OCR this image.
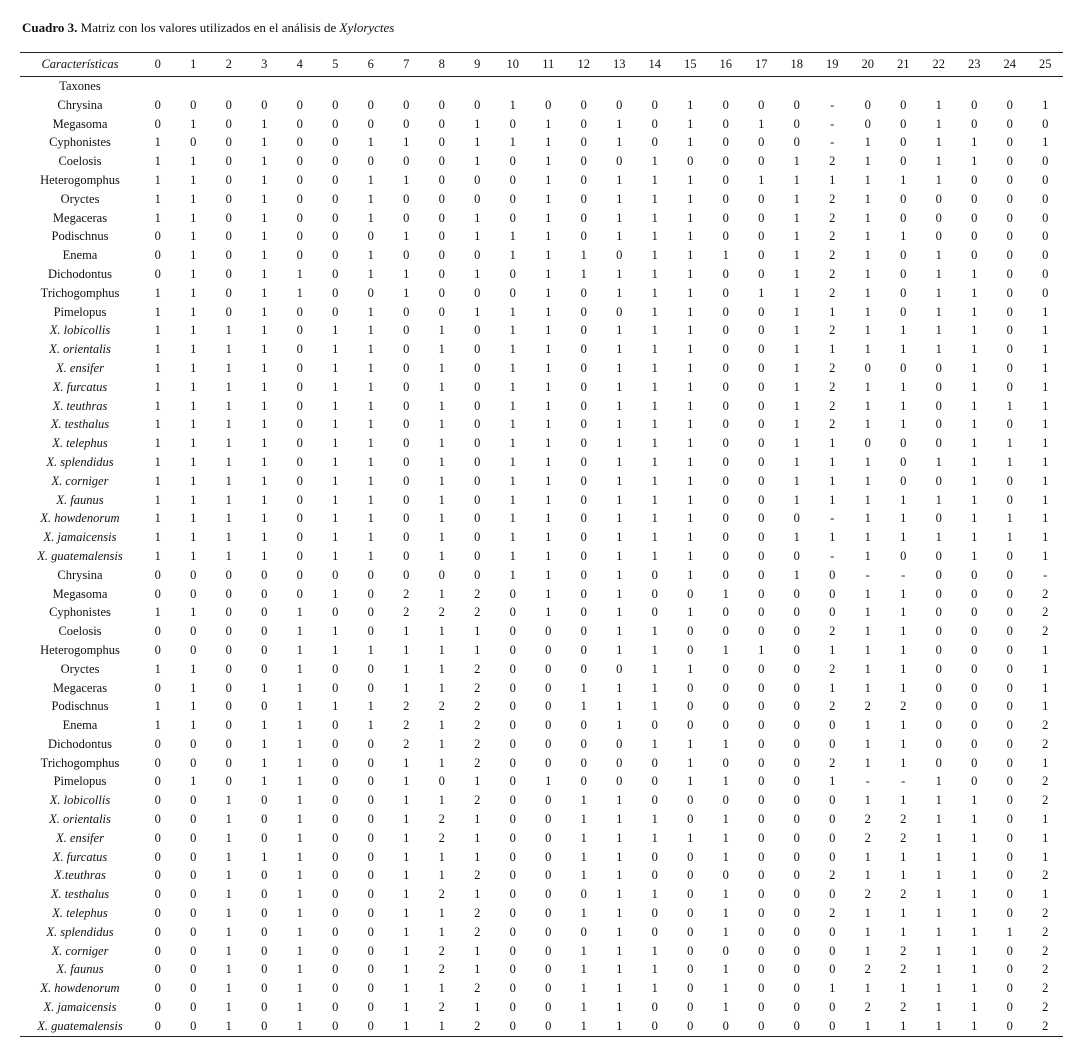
Cuadro 3. Matriz con los valores utilizados en el análisis de Xyloryctes
Características	0	1	2	3	4	5	6	7	8	9	10	11	12	13	14	15	16	17	18	19	20	21	22	23	24	25
Taxones																										
Chrysina	0	0	0	0	0	0	0	0	0	0	1	0	0	0	0	1	0	0	0	-	0	0	1	0	0	1
Megasoma	0	1	0	1	0	0	0	0	0	1	0	1	0	1	0	1	0	1	0	-	0	0	1	0	0	0
Cyphonistes	1	0	0	1	0	0	1	1	0	1	1	1	0	1	0	1	0	0	0	-	1	0	1	1	0	1
Coelosis	1	1	0	1	0	0	0	0	0	1	0	1	0	0	1	0	0	0	1	2	1	0	1	1	0	0
Heterogomphus	1	1	0	1	0	0	1	1	0	0	0	1	0	1	1	1	0	1	1	1	1	1	1	0	0	0
Oryctes	1	1	0	1	0	0	1	0	0	0	0	1	0	1	1	1	0	0	1	2	1	0	0	0	0	0
Megaceras	1	1	0	1	0	0	1	0	0	1	0	1	0	1	1	1	0	0	1	2	1	0	0	0	0	0
Podischnus	0	1	0	1	0	0	0	1	0	1	1	1	0	1	1	1	0	0	1	2	1	1	0	0	0	0
Enema	0	1	0	1	0	0	1	0	0	0	1	1	1	0	1	1	1	0	1	2	1	0	1	0	0	0
Dichodontus	0	1	0	1	1	0	1	1	0	1	0	1	1	1	1	1	0	0	1	2	1	0	1	1	0	0
Trichogomphus	1	1	0	1	1	0	0	1	0	0	0	1	0	1	1	1	0	1	1	2	1	0	1	1	0	0
Pimelopus	1	1	0	1	0	0	1	0	0	1	1	1	0	0	1	1	0	0	1	1	1	0	1	1	0	1
X. lobicollis	1	1	1	1	0	1	1	0	1	0	1	1	0	1	1	1	0	0	1	2	1	1	1	1	0	1
X. orientalis	1	1	1	1	0	1	1	0	1	0	1	1	0	1	1	1	0	0	1	1	1	1	1	1	0	1
X. ensifer	1	1	1	1	0	1	1	0	1	0	1	1	0	1	1	1	0	0	1	2	0	0	0	1	0	1
X. furcatus	1	1	1	1	0	1	1	0	1	0	1	1	0	1	1	1	0	0	1	2	1	1	0	1	0	1
X. teuthras	1	1	1	1	0	1	1	0	1	0	1	1	0	1	1	1	0	0	1	2	1	1	0	1	1	1
X. testhalus	1	1	1	1	0	1	1	0	1	0	1	1	0	1	1	1	0	0	1	2	1	1	0	1	0	1
X. telephus	1	1	1	1	0	1	1	0	1	0	1	1	0	1	1	1	0	0	1	1	0	0	0	1	1	1
X. splendidus	1	1	1	1	0	1	1	0	1	0	1	1	0	1	1	1	0	0	1	1	1	0	1	1	1	1
X. corniger	1	1	1	1	0	1	1	0	1	0	1	1	0	1	1	1	0	0	1	1	1	0	0	1	0	1
X. faunus	1	1	1	1	0	1	1	0	1	0	1	1	0	1	1	1	0	0	1	1	1	1	1	1	0	1
X. howdenorum	1	1	1	1	0	1	1	0	1	0	1	1	0	1	1	1	0	0	0	-	1	1	0	1	1	1
X. jamaicensis	1	1	1	1	0	1	1	0	1	0	1	1	0	1	1	1	0	0	1	1	1	1	1	1	1	1
X. guatemalensis	1	1	1	1	0	1	1	0	1	0	1	1	0	1	1	1	0	0	0	-	1	0	0	1	0	1
Chrysina	0	0	0	0	0	0	0	0	0	0	1	1	0	1	0	1	0	0	1	0	-	-	0	0	0	-
Megasoma	0	0	0	0	0	1	0	2	1	2	0	1	0	1	0	0	1	0	0	0	1	1	0	0	0	2
Cyphonistes	1	1	0	0	1	0	0	2	2	2	0	1	0	1	0	1	0	0	0	0	1	1	0	0	0	2
Coelosis	0	0	0	0	1	1	0	1	1	1	0	0	0	1	1	0	0	0	0	2	1	1	0	0	0	2
Heterogomphus	0	0	0	0	1	1	1	1	1	1	0	0	0	1	1	0	1	1	0	1	1	1	0	0	0	1
Oryctes	1	1	0	0	1	0	0	1	1	2	0	0	0	0	1	1	0	0	0	2	1	1	0	0	0	1
Megaceras	0	1	0	1	1	0	0	1	1	2	0	0	1	1	1	0	0	0	0	1	1	1	0	0	0	1
Podischnus	1	1	0	0	1	1	1	2	2	2	0	0	1	1	1	0	0	0	0	2	2	2	0	0	0	1
Enema	1	1	0	1	1	0	1	2	1	2	0	0	0	1	0	0	0	0	0	0	1	1	0	0	0	2
Dichodontus	0	0	0	1	1	0	0	2	1	2	0	0	0	0	1	1	1	0	0	0	1	1	0	0	0	2
Trichogomphus	0	0	0	1	1	0	0	1	1	2	0	0	0	0	0	1	0	0	0	2	1	1	0	0	0	1
Pimelopus	0	1	0	1	1	0	0	1	0	1	0	1	0	0	0	1	1	0	0	1	-	-	1	0	0	2
X. lobicollis	0	0	1	0	1	0	0	1	1	2	0	0	1	1	0	0	0	0	0	0	1	1	1	1	0	2
X. orientalis	0	0	1	0	1	0	0	1	2	1	0	0	1	1	1	0	1	0	0	0	2	2	1	1	0	1
X. ensifer	0	0	1	0	1	0	0	1	2	1	0	0	1	1	1	1	1	0	0	0	2	2	1	1	0	1
X. furcatus	0	0	1	1	1	0	0	1	1	1	0	0	1	1	0	0	1	0	0	0	1	1	1	1	0	1
X.teuthras	0	0	1	0	1	0	0	1	1	2	0	0	1	1	0	0	0	0	0	2	1	1	1	1	0	2
X. testhalus	0	0	1	0	1	0	0	1	2	1	0	0	0	1	1	0	1	0	0	0	2	2	1	1	0	1
X. telephus	0	0	1	0	1	0	0	1	1	2	0	0	1	1	0	0	1	0	0	2	1	1	1	1	0	2
X. splendidus	0	0	1	0	1	0	0	1	1	2	0	0	0	1	0	0	1	0	0	0	1	1	1	1	1	2
X. corniger	0	0	1	0	1	0	0	1	2	1	0	0	1	1	1	0	0	0	0	0	1	2	1	1	0	2
X. faunus	0	0	1	0	1	0	0	1	2	1	0	0	1	1	1	0	1	0	0	0	2	2	1	1	0	2
X. howdenorum	0	0	1	0	1	0	0	1	1	2	0	0	1	1	1	0	1	0	0	1	1	1	1	1	0	2
X. jamaicensis	0	0	1	0	1	0	0	1	2	1	0	0	1	1	0	0	1	0	0	0	2	2	1	1	0	2
X. guatemalensis	0	0	1	0	1	0	0	1	1	2	0	0	1	1	0	0	0	0	0	0	1	1	1	1	0	2
